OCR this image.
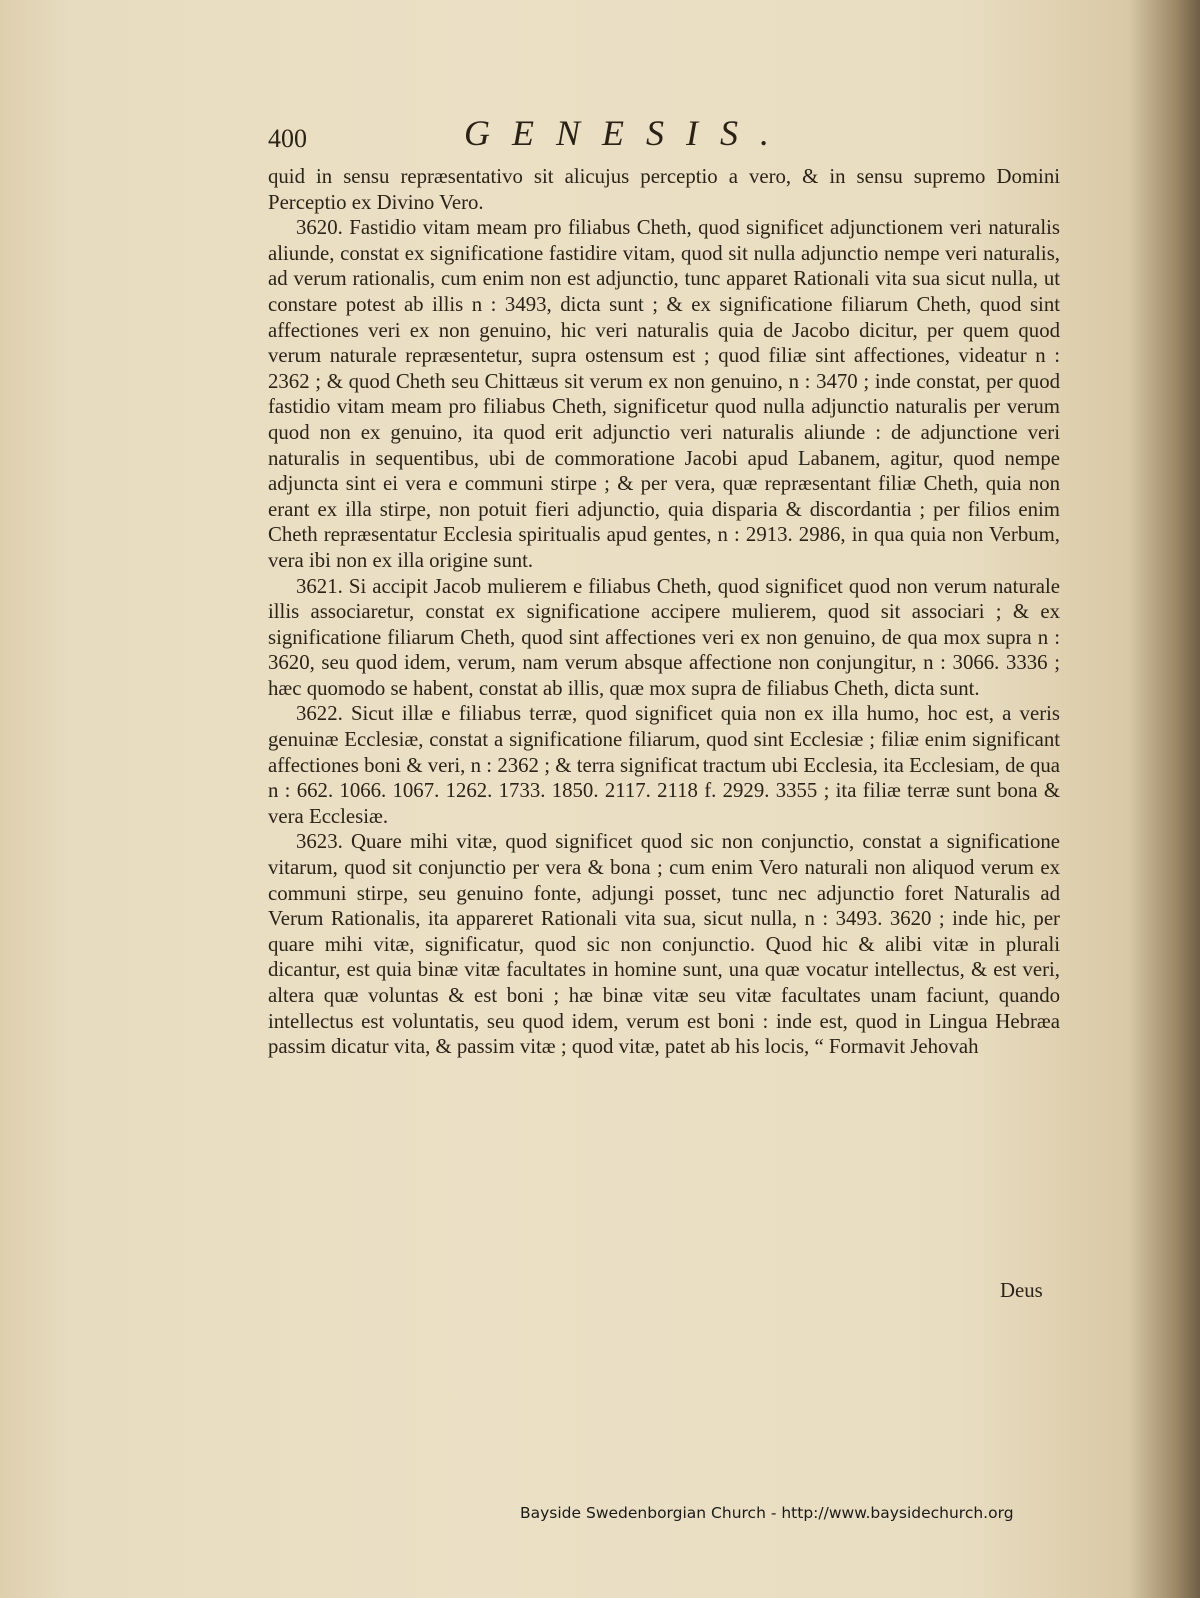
400	GENESIS.

quid in sensu repræsentativo sit alicujus perceptio a vero, & in sensu supremo Domini Perceptio ex Divino Vero.

3620. Fastidio vitam meam pro filiabus Cheth, quod significet adjunctionem veri naturalis aliunde, constat ex significatione fastidire vitam, quod sit nulla adjunctio nempe veri naturalis, ad verum rationalis, cum enim non est adjunctio, tunc apparet Rationali vita sua sicut nulla, ut constare potest ab illis n : 3493, dicta sunt ; & ex significatione filiarum Cheth, quod sint affectiones veri ex non genuino, hic veri naturalis quia de Jacobo dicitur, per quem quod verum naturale repræsentetur, supra ostensum est ; quod filiæ sint affectiones, videatur n : 2362 ; & quod Cheth seu Chittæus sit verum ex non genuino, n : 3470 ; inde constat, per quod fastidio vitam meam pro filiabus Cheth, significetur quod nulla adjunctio naturalis per verum quod non ex genuino, ita quod erit adjunctio veri naturalis aliunde : de adjunctione veri naturalis in sequentibus, ubi de commoratione Jacobi apud Labanem, agitur, quod nempe adjuncta sint ei vera e communi stirpe ; & per vera, quæ repræsentant filiæ Cheth, quia non erant ex illa stirpe, non potuit fieri adjunctio, quia disparia & discordantia ; per filios enim Cheth repræsentatur Ecclesia spiritualis apud gentes, n : 2913. 2986, in qua quia non Verbum, vera ibi non ex illa origine sunt.

3621. Si accipit Jacob mulierem e filiabus Cheth, quod significet quod non verum naturale illis associaretur, constat ex significatione accipere mulierem, quod sit associari ; & ex significatione filiarum Cheth, quod sint affectiones veri ex non genuino, de qua mox supra n : 3620, seu quod idem, verum, nam verum absque affectione non conjungitur, n : 3066. 3336 ; hæc quomodo se habent, constat ab illis, quæ mox supra de filiabus Cheth, dicta sunt.

3622. Sicut illæ e filiabus terræ, quod significet quia non ex illa humo, hoc est, a veris genuinæ Ecclesiæ, constat a significatione filiarum, quod sint Ecclesiæ ; filiæ enim significant affectiones boni & veri, n : 2362 ; & terra significat tractum ubi Ecclesia, ita Ecclesiam, de qua n : 662. 1066. 1067. 1262. 1733. 1850. 2117. 2118 f. 2929. 3355 ; ita filiæ terræ sunt bona & vera Ecclesiæ.

3623. Quare mihi vitæ, quod significet quod sic non conjunctio, constat a significatione vitarum, quod sit conjunctio per vera & bona ; cum enim Vero naturali non aliquod verum ex communi stirpe, seu genuino fonte, adjungi posset, tunc nec adjunctio foret Naturalis ad Verum Rationalis, ita appareret Rationali vita sua, sicut nulla, n : 3493. 3620 ; inde hic, per quare mihi vitæ, significatur, quod sic non conjunctio. Quod hic & alibi vitæ in plurali dicantur, est quia binæ vitæ facultates in homine sunt, una quæ vocatur intellectus, & est veri, altera quæ voluntas & est boni ; hæ binæ vitæ seu vitæ facultates unam faciunt, quando intellectus est voluntatis, seu quod idem, verum est boni : inde est, quod in Lingua Hebræa passim dicatur vita, & passim vitæ ; quod vitæ, patet ab his locis, “ Formavit Jehovah

Deus
Bayside Swedenborgian Church - http://www.baysidechurch.org
